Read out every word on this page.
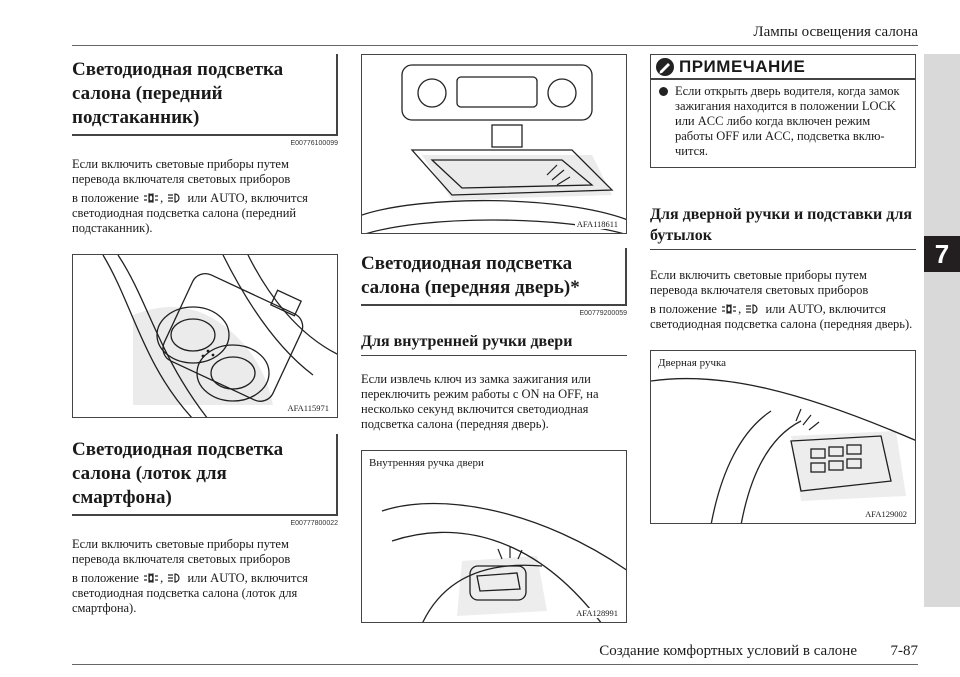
Лампы освещения салона
7
Светодиодная подсветка салона (передний подстаканник)
E00776100099

Если включить световые приборы путем перевода включателя световых приборов

в положение , или AUTO, включится светодиодная подсветка салона (передний подстаканник).

AFA115971
Светодиодная подсветка салона (лоток для смартфона)
E00777800022

Если включить световые приборы путем перевода включателя световых приборов

в положение , или AUTO, включится светодиодная подсветка салона (лоток для смартфона).

AFA118611
Светодиодная подсветка салона (передняя дверь)*
E00779200059
Для внутренней ручки двери

Если извлечь ключ из замка зажигания или переключить режим работы с ON на OFF, на несколько секунд включится светодиодная подсветка салона (передняя дверь).

Внутренняя ручка двери
AFA128991
ПРИМЕЧАНИЕ
Если открыть дверь водителя, когда замок зажигания находится в положении LOCK или ACC либо когда включен режим работы OFF или ACC, подсветка вклю- чится.
Для дверной ручки и подставки для бутылок

Если включить световые приборы путем перевода включателя световых приборов

в положение , или AUTO, включится светодиодная подсветка салона (передняя дверь).

Дверная ручка
AFA129002
Создание комфортных условий в салоне 7-87
